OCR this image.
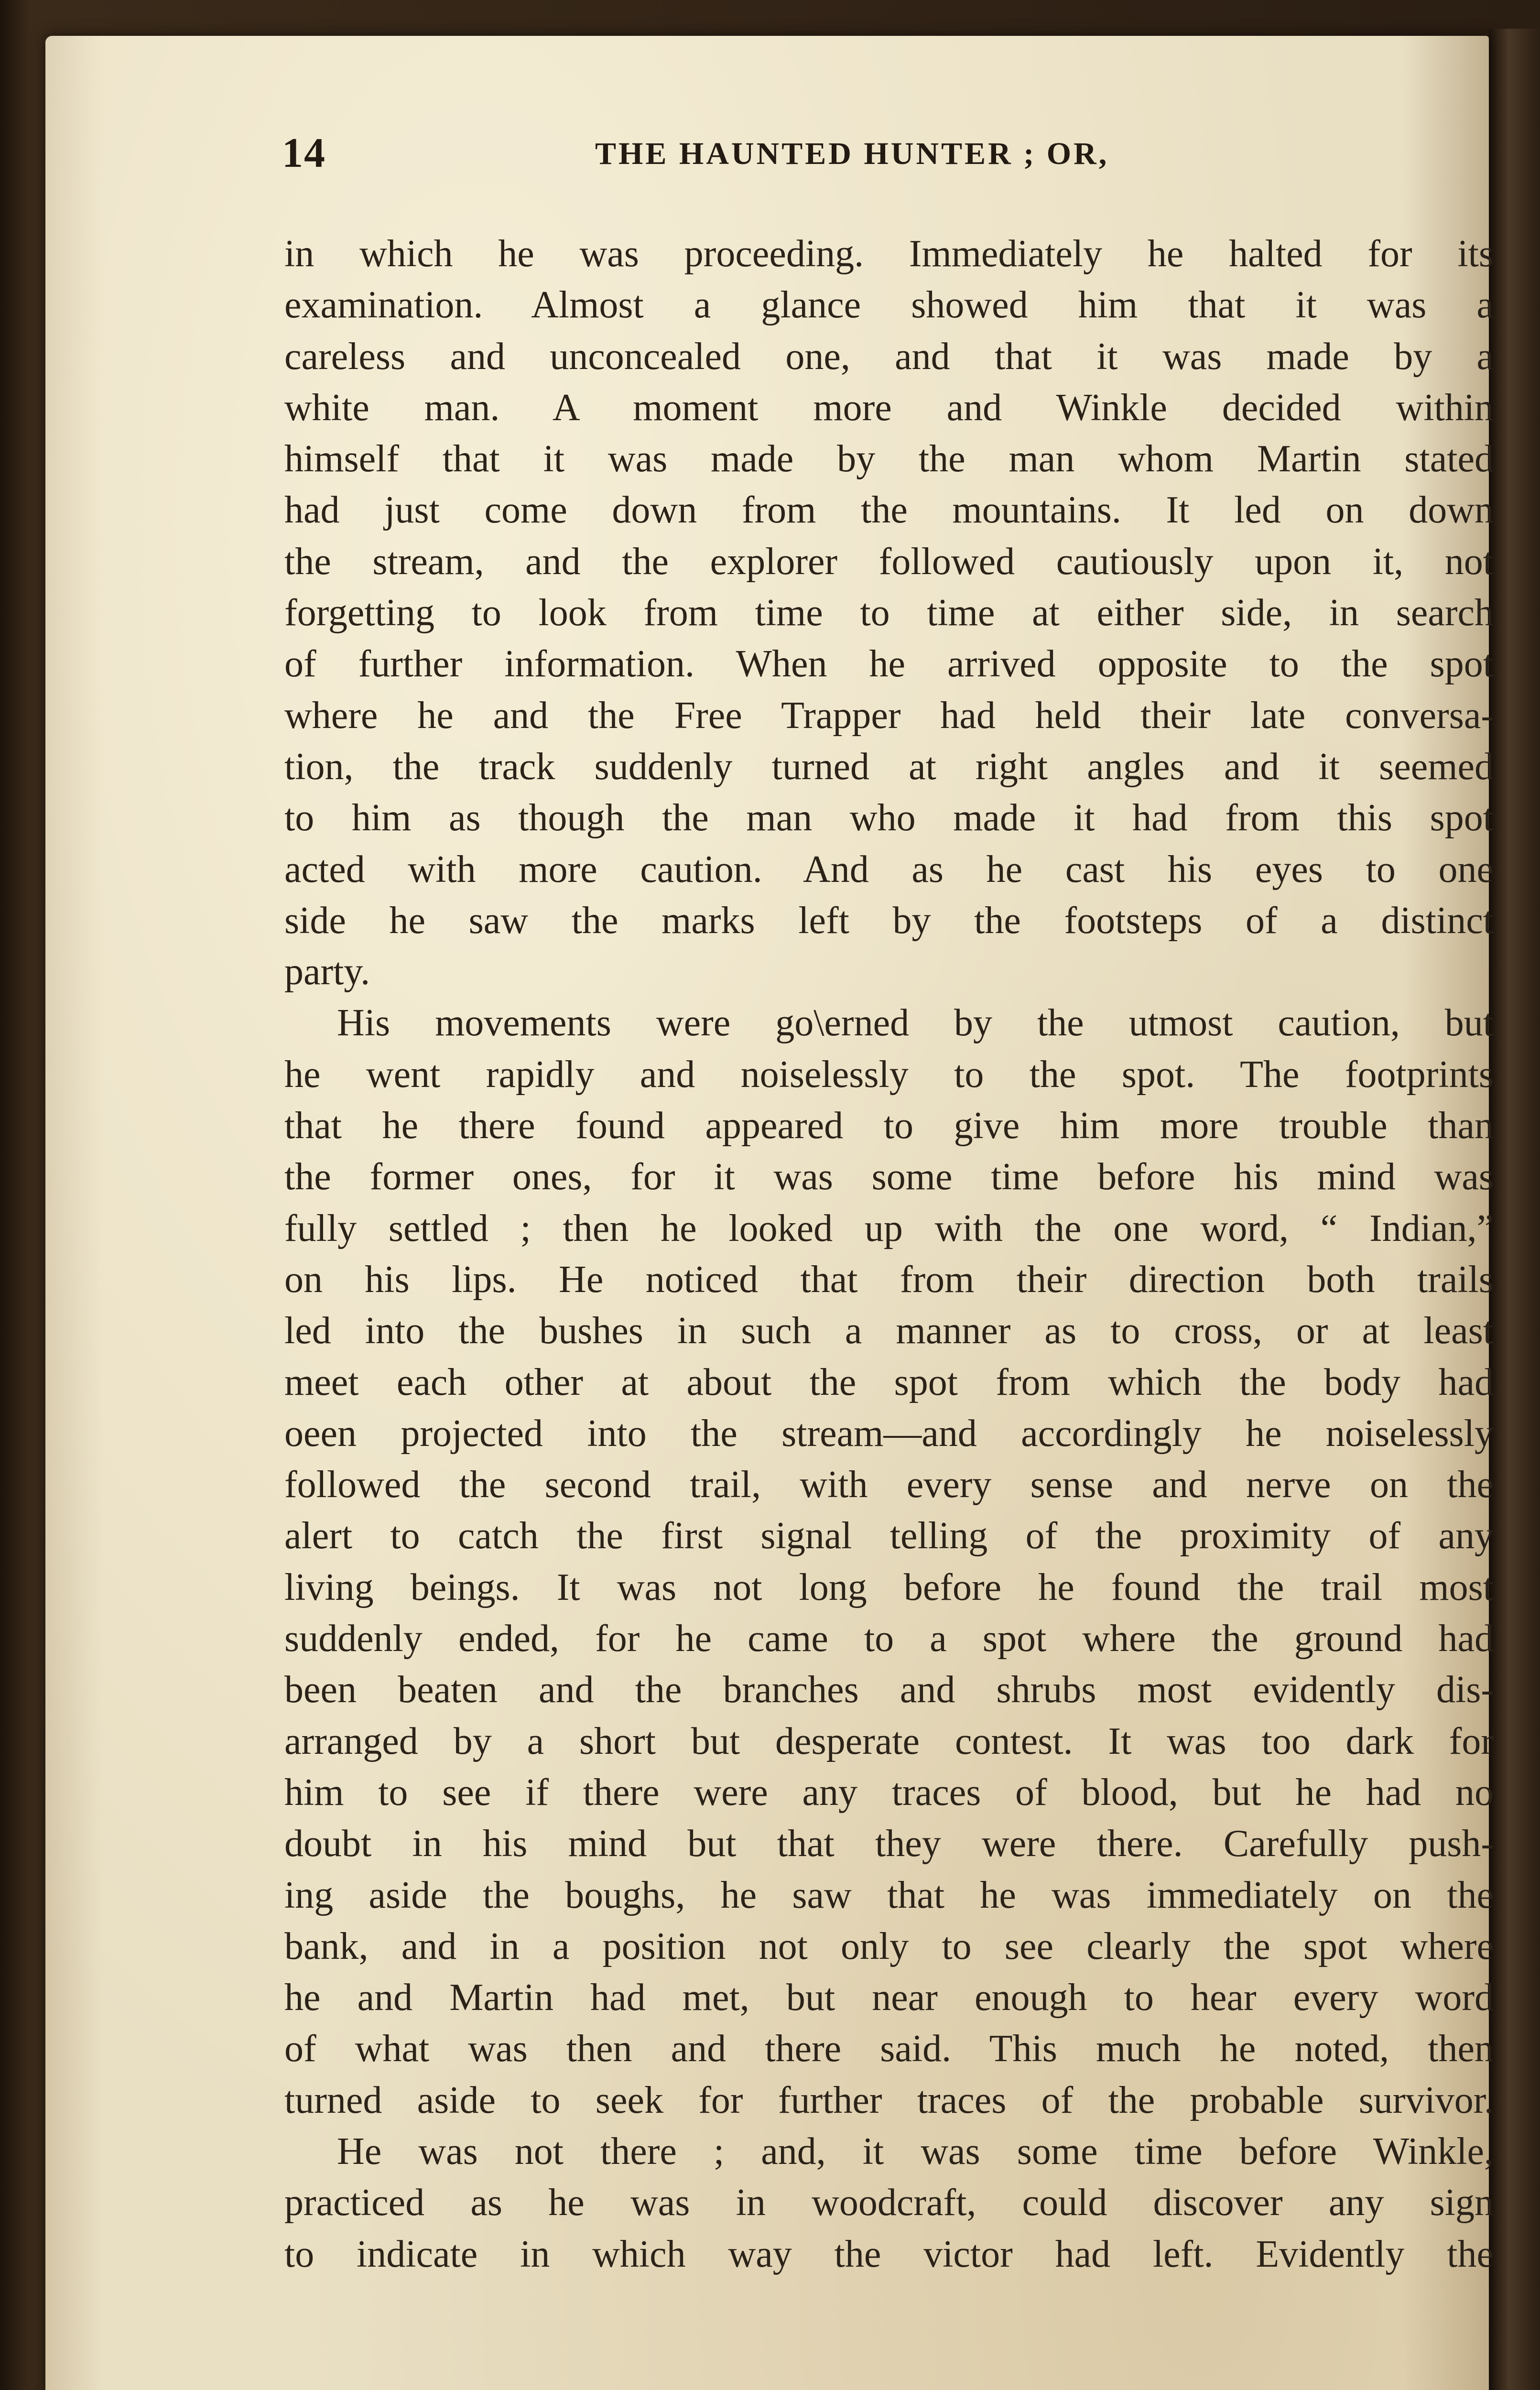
14	THE HAUNTED HUNTER ; OR,
in which he was proceeding. Immediately he halted for its
examination. Almost a glance showed him that it was a
careless and unconcealed one, and that it was made by a
white man. A moment more and Winkle decided within
himself that it was made by the man whom Martin stated
had just come down from the mountains. It led on down
the stream, and the explorer followed cautiously upon it, not
forgetting to look from time to time at either side, in search
of further information. When he arrived opposite to the spot
where he and the Free Trapper had held their late conversa-
tion, the track suddenly turned at right angles and it seemed
to him as though the man who made it had from this spot
acted with more caution. And as he cast his eyes to one
side he saw the marks left by the footsteps of a distinct
party.
His movements were go\erned by the utmost caution, but
he went rapidly and noiselessly to the spot. The footprints
that he there found appeared to give him more trouble than
the former ones, for it was some time before his mind was
fully settled ; then he looked up with the one word, “ Indian,”
on his lips. He noticed that from their direction both trails
led into the bushes in such a manner as to cross, or at least
meet each other at about the spot from which the body had
oeen projected into the stream—and accordingly he noiselessly
followed the second trail, with every sense and nerve on the
alert to catch the first signal telling of the proximity of any
living beings. It was not long before he found the trail most
suddenly ended, for he came to a spot where the ground had
been beaten and the branches and shrubs most evidently dis-
arranged by a short but desperate contest. It was too dark for
him to see if there were any traces of blood, but he had no
doubt in his mind but that they were there. Carefully push-
ing aside the boughs, he saw that he was immediately on the
bank, and in a position not only to see clearly the spot where
he and Martin had met, but near enough to hear every word
of what was then and there said. This much he noted, then
turned aside to seek for further traces of the probable survivor.
He was not there ; and, it was some time before Winkle,
practiced as he was in woodcraft, could discover any sign
to indicate in which way the victor had left. Evidently the
